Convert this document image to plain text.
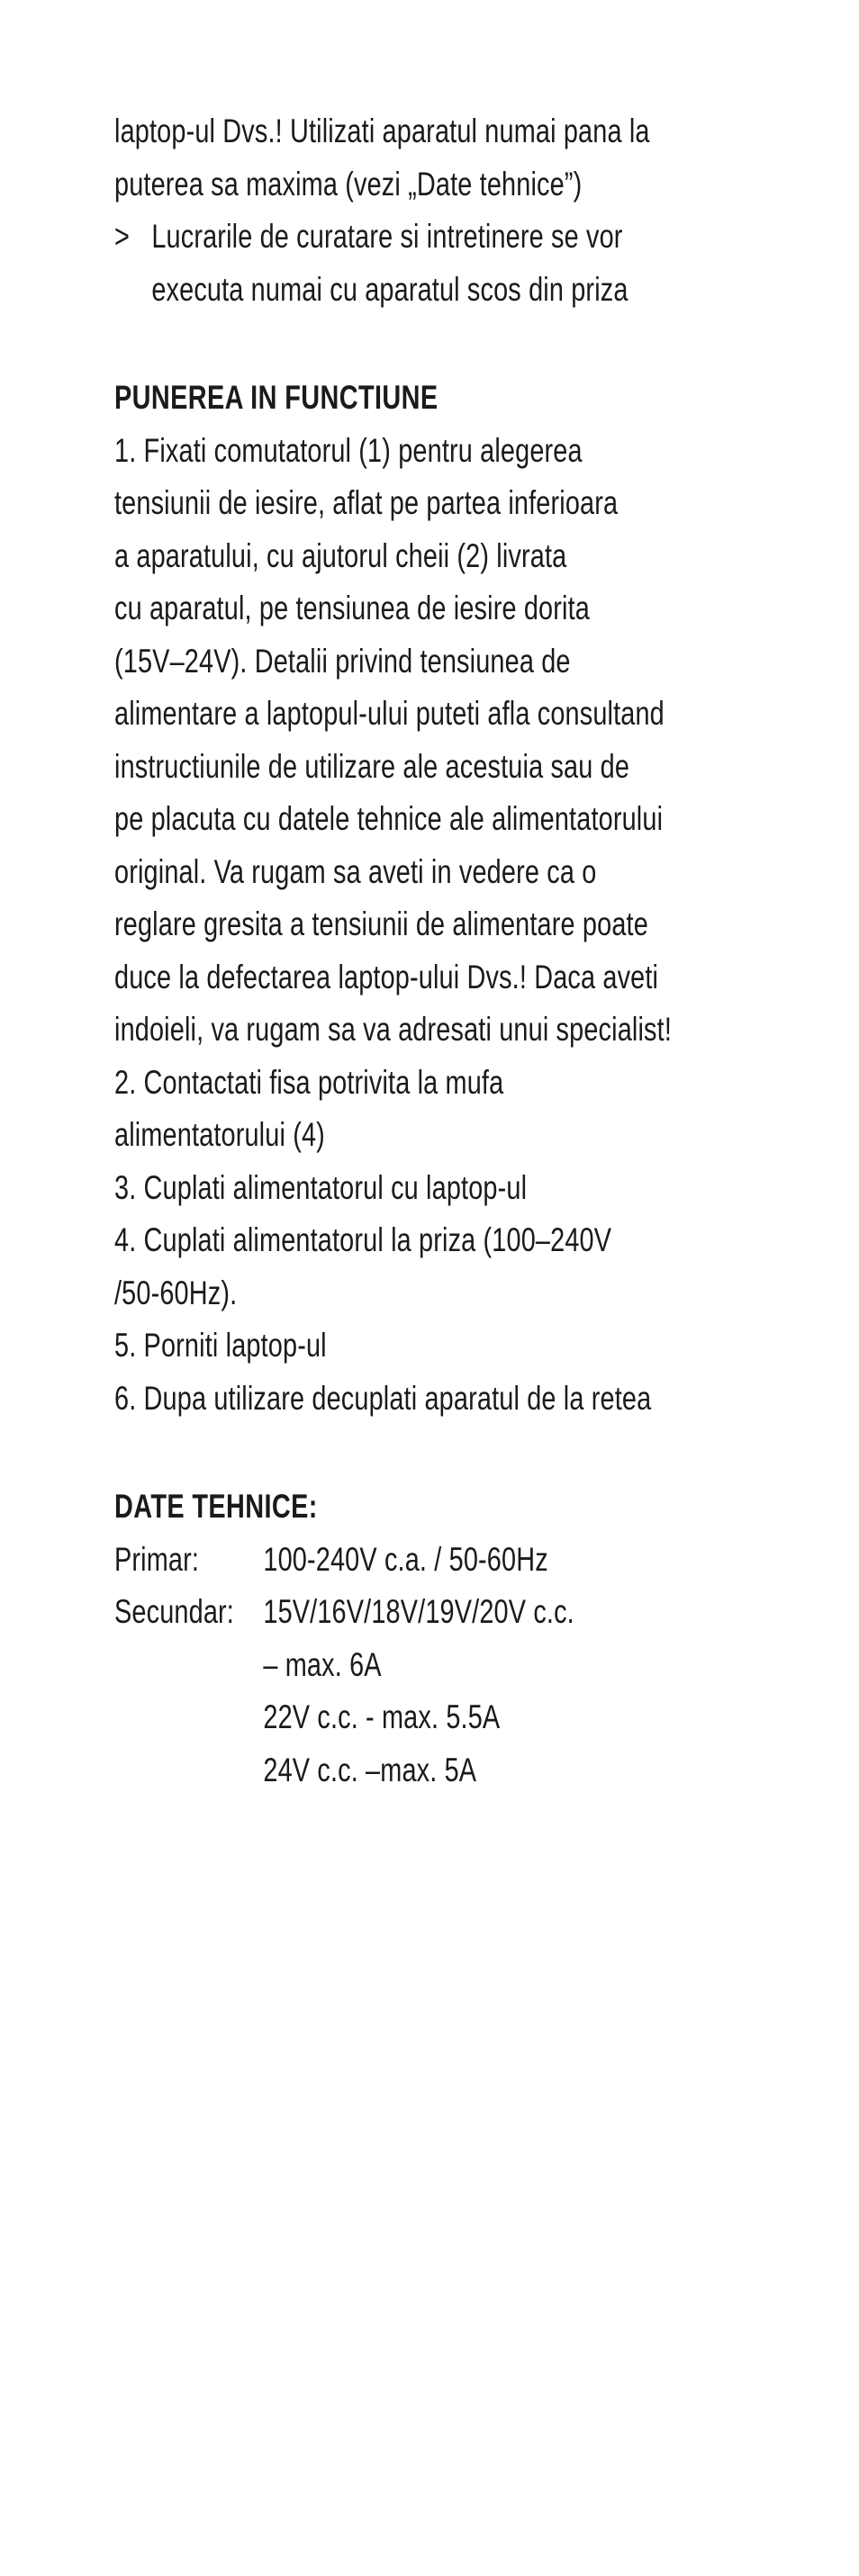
laptop-ul Dvs.! Utilizati aparatul numai pana la
puterea sa maxima (vezi „Date tehnice”)
> Lucrarile de curatare si intretinere se vor
executa numai cu aparatul scos din priza
PUNEREA IN FUNCTIUNE
1. Fixati comutatorul (1) pentru alegerea
tensiunii de iesire, aflat pe partea inferioara
a aparatului, cu ajutorul cheii (2) livrata
cu aparatul, pe tensiunea de iesire dorita
(15V–24V). Detalii privind tensiunea de
alimentare a laptopul-ului puteti afla consultand
instructiunile de utilizare ale acestuia sau de
pe placuta cu datele tehnice ale alimentatorului
original. Va rugam sa aveti in vedere ca o
reglare gresita a tensiunii de alimentare poate
duce la defectarea laptop-ului Dvs.! Daca aveti
indoieli, va rugam sa va adresati unui specialist!
2. Contactati fisa potrivita la mufa
alimentatorului (4)
3. Cuplati alimentatorul cu laptop-ul
4. Cuplati alimentatorul la priza (100–240V
/50-60Hz).
5. Porniti laptop-ul
6. Dupa utilizare decuplati aparatul de la retea
DATE TEHNICE:
Primar: 100-240V c.a. / 50-60Hz
Secundar: 15V/16V/18V/19V/20V c.c.
– max. 6A
22V c.c. - max. 5.5A
24V c.c. –max. 5A
